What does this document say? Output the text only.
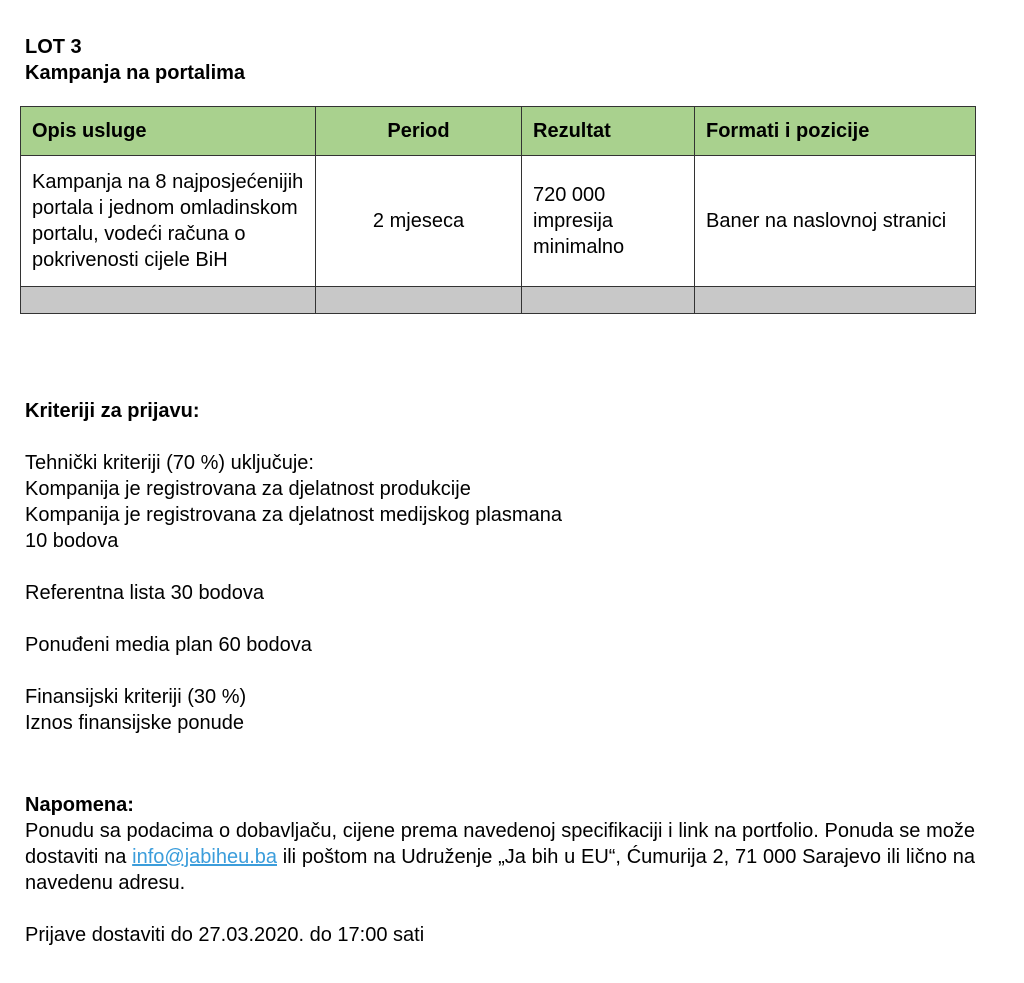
LOT 3
Kampanja na portalima
Opis usluge	Period	Rezultat	Formati i pozicije
Kampanja na 8 najposjećenijih portala i jednom omladinskom portalu, vodeći računa o pokrivenosti cijele BiH	2 mjeseca	720 000 impresija minimalno	Baner na naslovnoj stranici

Kriteriji za prijavu:

Tehnički kriteriji (70 %) uključuje:

Kompanija je registrovana za djelatnost produkcije

Kompanija je registrovana za djelatnost medijskog plasmana

10 bodova

Referentna lista 30 bodova

Ponuđeni media plan 60 bodova

Finansijski kriteriji (30 %)

Iznos finansijske ponude

Napomena:

Ponudu sa podacima o dobavljaču, cijene prema navedenoj specifikaciji i link na portfolio. Ponuda se može dostaviti na info@jabiheu.ba ili poštom na Udruženje „Ja bih u EU“, Ćumurija 2, 71 000 Sarajevo ili lično na navedenu adresu.

Prijave dostaviti do 27.03.2020. do 17:00 sati
